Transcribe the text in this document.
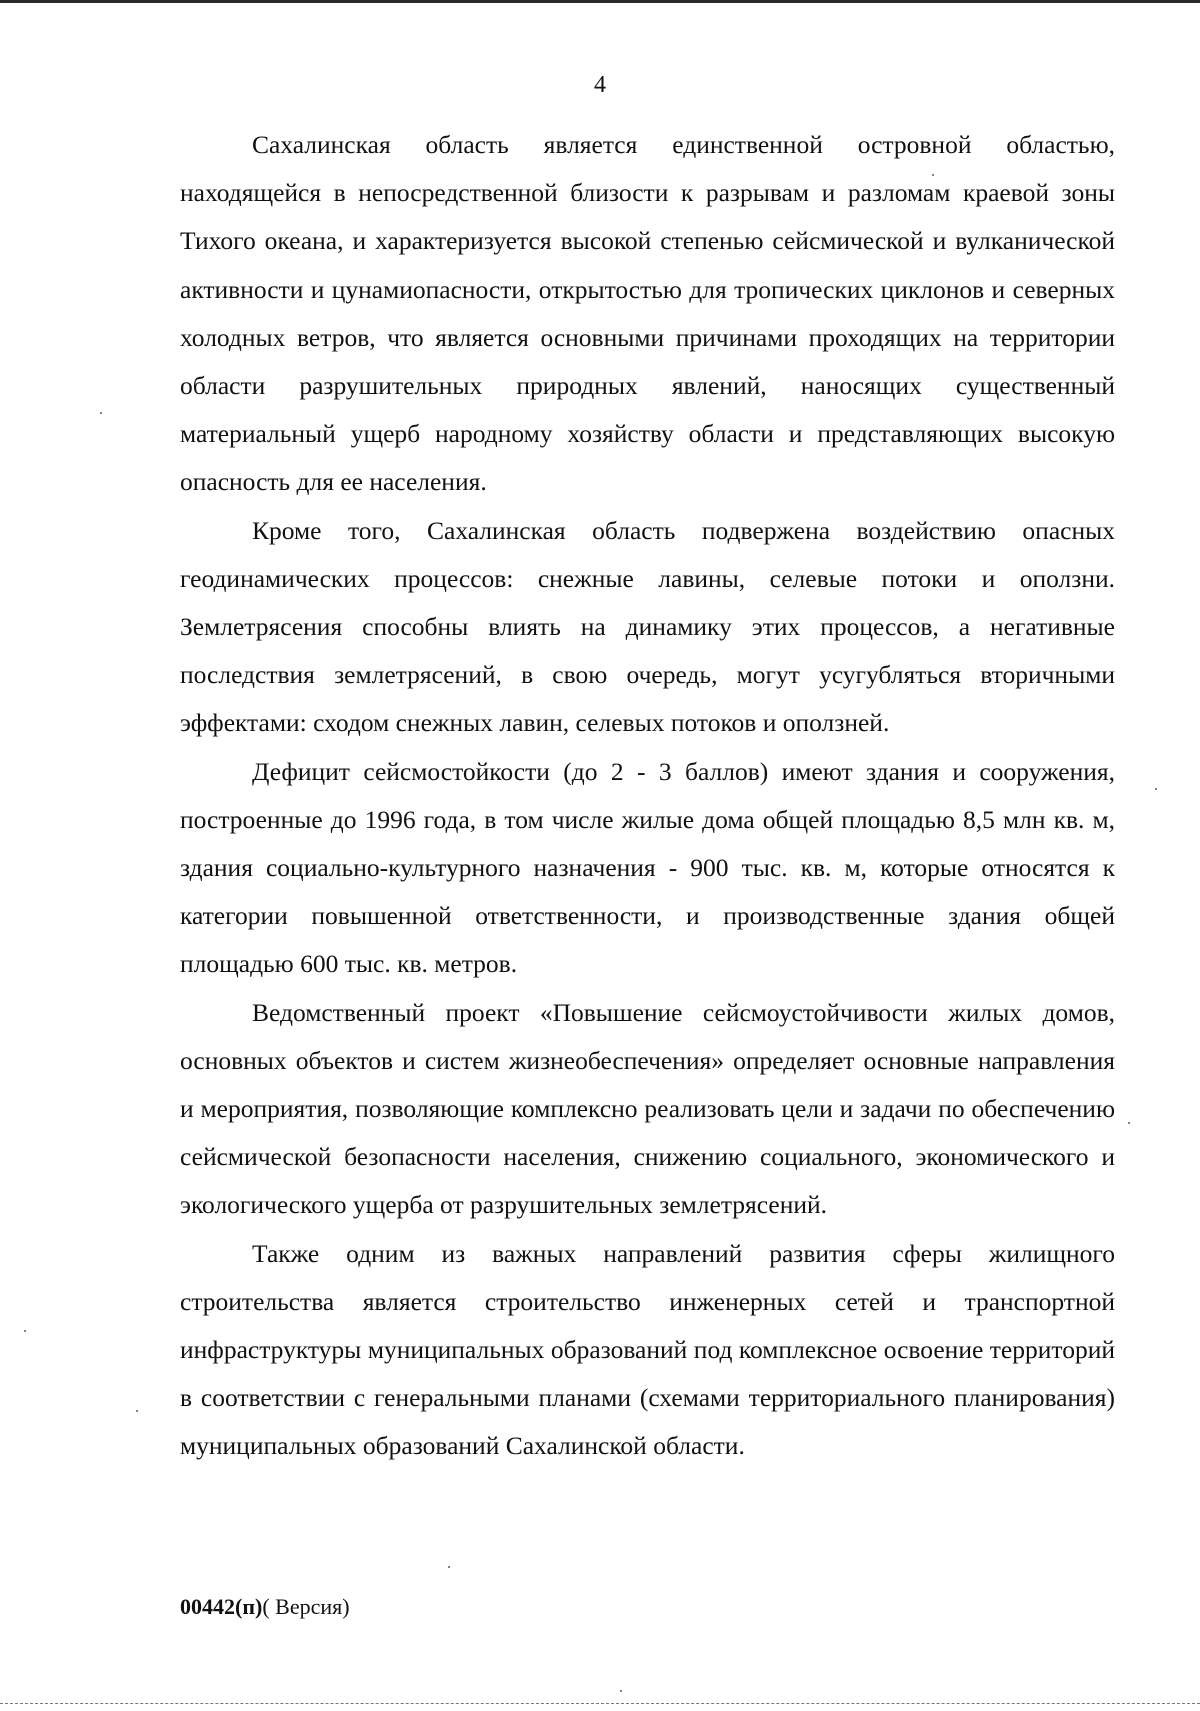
4

Сахалинская область является единственной островной областью, находящейся в непосредственной близости к разрывам и разломам краевой зоны Тихого океана, и характеризуется высокой степенью сейсмической и вулканической активности и цунамиопасности, открытостью для тропических циклонов и северных холодных ветров, что является основными причинами проходящих на территории области разрушительных природных явлений, наносящих существенный материальный ущерб народному хозяйству области и представляющих высокую опасность для ее населения.

Кроме того, Сахалинская область подвержена воздействию опасных геодинамических процессов: снежные лавины, селевые потоки и оползни. Землетрясения способны влиять на динамику этих процессов, а негативные последствия землетрясений, в свою очередь, могут усугубляться вторичными эффектами: сходом снежных лавин, селевых потоков и оползней.

Дефицит сейсмостойкости (до 2 - 3 баллов) имеют здания и сооружения, построенные до 1996 года, в том числе жилые дома общей площадью 8,5 млн кв. м, здания социально-культурного назначения - 900 тыс. кв. м, которые относятся к категории повышенной ответственности, и производственные здания общей площадью 600 тыс. кв. метров.

Ведомственный проект «Повышение сейсмоустойчивости жилых домов, основных объектов и систем жизнеобеспечения» определяет основные направления и мероприятия, позволяющие комплексно реализовать цели и задачи по обеспечению сейсмической безопасности населения, снижению социального, экономического и экологического ущерба от разрушительных землетрясений.

Также одним из важных направлений развития сферы жилищного строительства является строительство инженерных сетей и транспортной инфраструктуры муниципальных образований под комплексное освоение территорий в соответствии с генеральными планами (схемами территориального планирования) муниципальных образований Сахалинской области.

00442(п)( Версия)
